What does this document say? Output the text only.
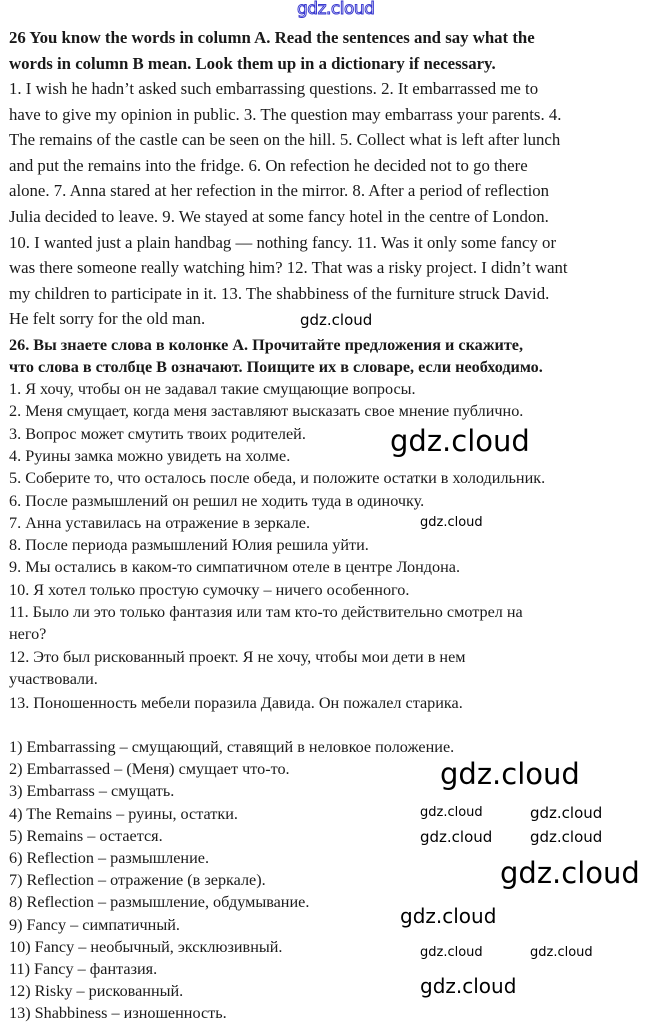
26 You know the words in column A. Read the sentences and say what the
words in column B mean. Look them up in a dictionary if necessary.
1. I wish he hadn’t asked such embarrassing questions. 2. It embarrassed me to
have to give my opinion in public. 3. The question may embarrass your parents. 4.
The remains of the castle can be seen on the hill. 5. Collect what is left after lunch
and put the remains into the fridge. 6. On refection he decided not to go there
alone. 7. Anna stared at her refection in the mirror. 8. After a period of reflection
Julia decided to leave. 9. We stayed at some fancy hotel in the centre of London.
10. I wanted just a plain handbag — nothing fancy. 11. Was it only some fancy or
was there someone really watching him? 12. That was a risky project. I didn’t want
my children to participate in it. 13. The shabbiness of the furniture struck David.
He felt sorry for the old man.
26. Вы знаете слова в колонке А. Прочитайте предложения и скажите,
что слова в столбце В означают. Поищите их в словаре, если необходимо.
1. Я хочу, чтобы он не задавал такие смущающие вопросы.
2. Меня смущает, когда меня заставляют высказать свое мнение публично.
3. Вопрос может смутить твоих родителей.
4. Руины замка можно увидеть на холме.
5. Соберите то, что осталось после обеда, и положите остатки в холодильник.
6. После размышлений он решил не ходить туда в одиночку.
7. Анна уставилась на отражение в зеркале.
8. После периода размышлений Юлия решила уйти.
9. Мы остались в каком-то симпатичном отеле в центре Лондона.
10. Я хотел только простую сумочку – ничего особенного.
11. Было ли это только фантазия или там кто-то действительно смотрел на
него?
12. Это был рискованный проект. Я не хочу, чтобы мои дети в нем
участвовали.
13. Поношенность мебели поразила Давида. Он пожалел старика.
1) Embarrassing – смущающий, ставящий в неловкое положение.
2) Embarrassed – (Меня) смущает что-то.
3) Embarrass – смущать.
4) The Remains – руины, остатки.
5) Remains – остается.
6) Reflection – размышление.
7) Reflection – отражение (в зеркале).
8) Reflection – размышление, обдумывание.
9) Fancy – симпатичный.
10) Fancy – необычный, эксклюзивный.
11) Fancy – фантазия.
12) Risky – рискованный.
13) Shabbiness – изношенность.
gdz.cloud
gdz.cloud
gdz.cloud
gdz.cloud
gdz.cloud
gdz.cloud	gdz.cloud
gdz.cloud	gdz.cloud
gdz.cloud
gdz.cloud
gdz.cloud	gdz.cloud
gdz.cloud
